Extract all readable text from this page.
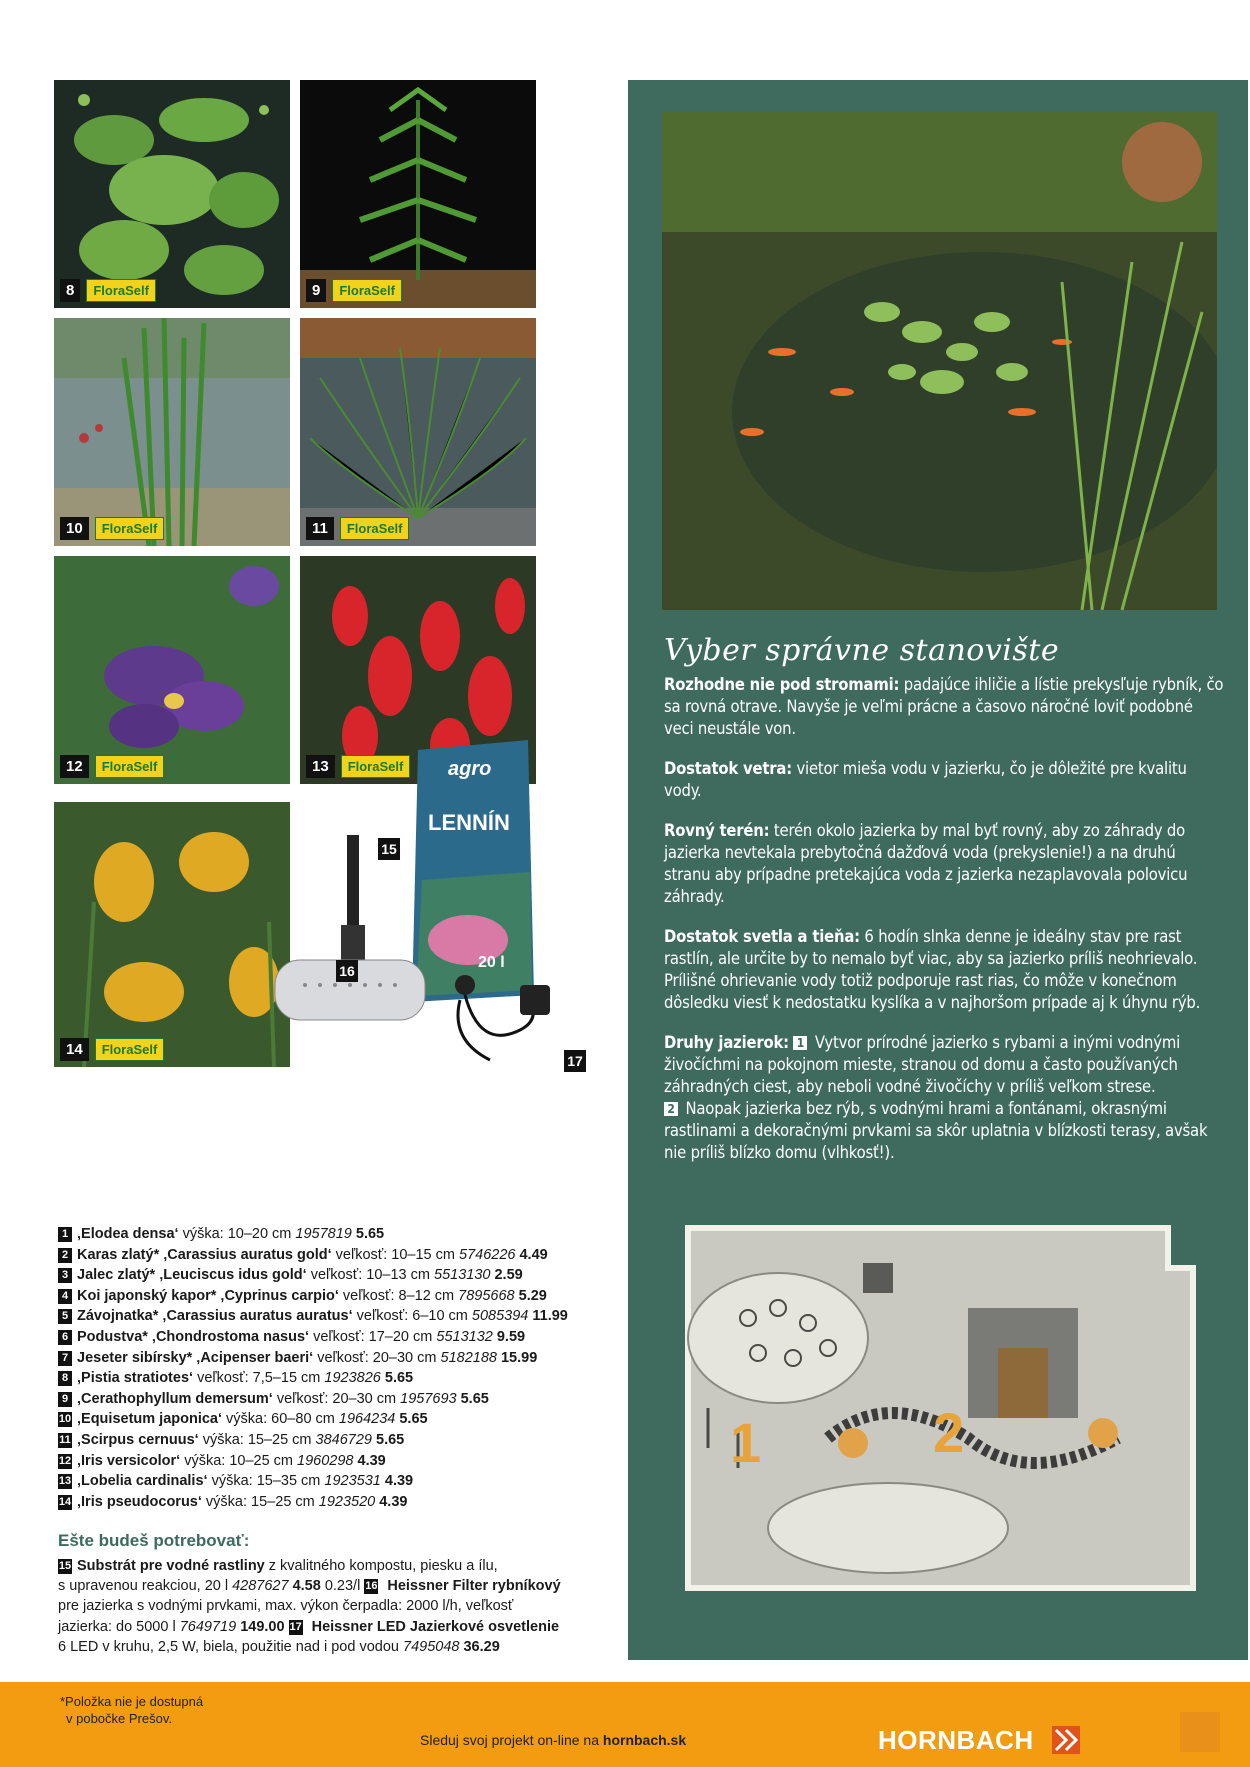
8	FloraSelf	9	FloraSelf
10	FloraSelf	11	FloraSelf
12	FloraSelf	13	FloraSelf
14	FloraSelf
agro
LENNÍN
20 l
15
16
17
Vyber správne stanovište
Rozhodne nie pod stromami: padajúce ihličie a lístie prekysľuje rybník, čo sa rovná otrave. Navyše je veľmi prácne a časovo náročné loviť podobné veci neustále von.
Dostatok vetra: vietor mieša vodu v jazierku, čo je dôležité pre kvalitu vody.
Rovný terén: terén okolo jazierka by mal byť rovný, aby zo záhrady do jazierka nevtekala prebytočná dažďová voda (prekyslenie!) a na druhú stranu aby prípadne pretekajúca voda z jazierka nezaplavovala polovicu záhrady.
Dostatok svetla a tieňa: 6 hodín slnka denne je ideálny stav pre rast rastlín, ale určite by to nemalo byť viac, aby sa jazierko príliš neohrievalo. Prílišné ohrievanie vody totiž podporuje rast rias, čo môže v konečnom dôsledku viesť k nedostatku kyslíka a v najhoršom prípade aj k úhynu rýb.
Druhy jazierok: 1 Vytvor prírodné jazierko s rybami a inými vodnými živočíchmi na pokojnom mieste, stranou od domu a často používaných záhradných ciest, aby neboli vodné živočíchy v príliš veľkom strese.
2 Naopak jazierka bez rýb, s vodnými hrami a fontánami, okrasnými rastlinami a dekoračnými prvkami sa skôr uplatnia v blízkosti terasy, avšak nie príliš blízko domu (vlhkosť!).
1	2
1 ‚Elodea densa‘ výška: 10–20 cm 1957819 5.65
2 Karas zlatý* ‚Carassius auratus gold‘ veľkosť: 10–15 cm 5746226 4.49
3 Jalec zlatý* ‚Leuciscus idus gold‘ veľkosť: 10–13 cm 5513130 2.59
4 Koi japonský kapor* ‚Cyprinus carpio‘ veľkosť: 8–12 cm 7895668 5.29
5 Závojnatka* ‚Carassius auratus auratus‘ veľkosť: 6–10 cm 5085394 11.99
6 Podustva* ‚Chondrostoma nasus‘ veľkosť: 17–20 cm 5513132 9.59
7 Jeseter sibírsky* ‚Acipenser baeri‘ veľkosť: 20–30 cm 5182188 15.99
8 ‚Pistia stratiotes‘ veľkosť: 7,5–15 cm 1923826 5.65
9 ‚Cerathophyllum demersum‘ veľkosť: 20–30 cm 1957693 5.65
10 ‚Equisetum japonica‘ výška: 60–80 cm 1964234 5.65
11 ‚Scirpus cernuus‘ výška: 15–25 cm 3846729 5.65
12 ‚Iris versicolor‘ výška: 10–25 cm 1960298 4.39
13 ‚Lobelia cardinalis‘ výška: 15–35 cm 1923531 4.39
14 ‚Iris pseudocorus‘ výška: 15–25 cm 1923520 4.39
Ešte budeš potrebovať:
15 Substrát pre vodné rastliny z kvalitného kompostu, piesku a ílu,
s upravenou reakciou, 20 l 4287627 4.58 0.23/l 16 Heissner Filter rybníkový
pre jazierka s vodnými prvkami, max. výkon čerpadla: 2000 l/h, veľkosť
jazierka: do 5000 l 7649719 149.00 17 Heissner LED Jazierkové osvetlenie
6 LED v kruhu, 2,5 W, biela, použitie nad i pod vodou 7495048 36.29
*Položka nie je dostupná
v pobočke Prešov.
Sleduj svoj projekt on-line na hornbach.sk	HORNBACH
